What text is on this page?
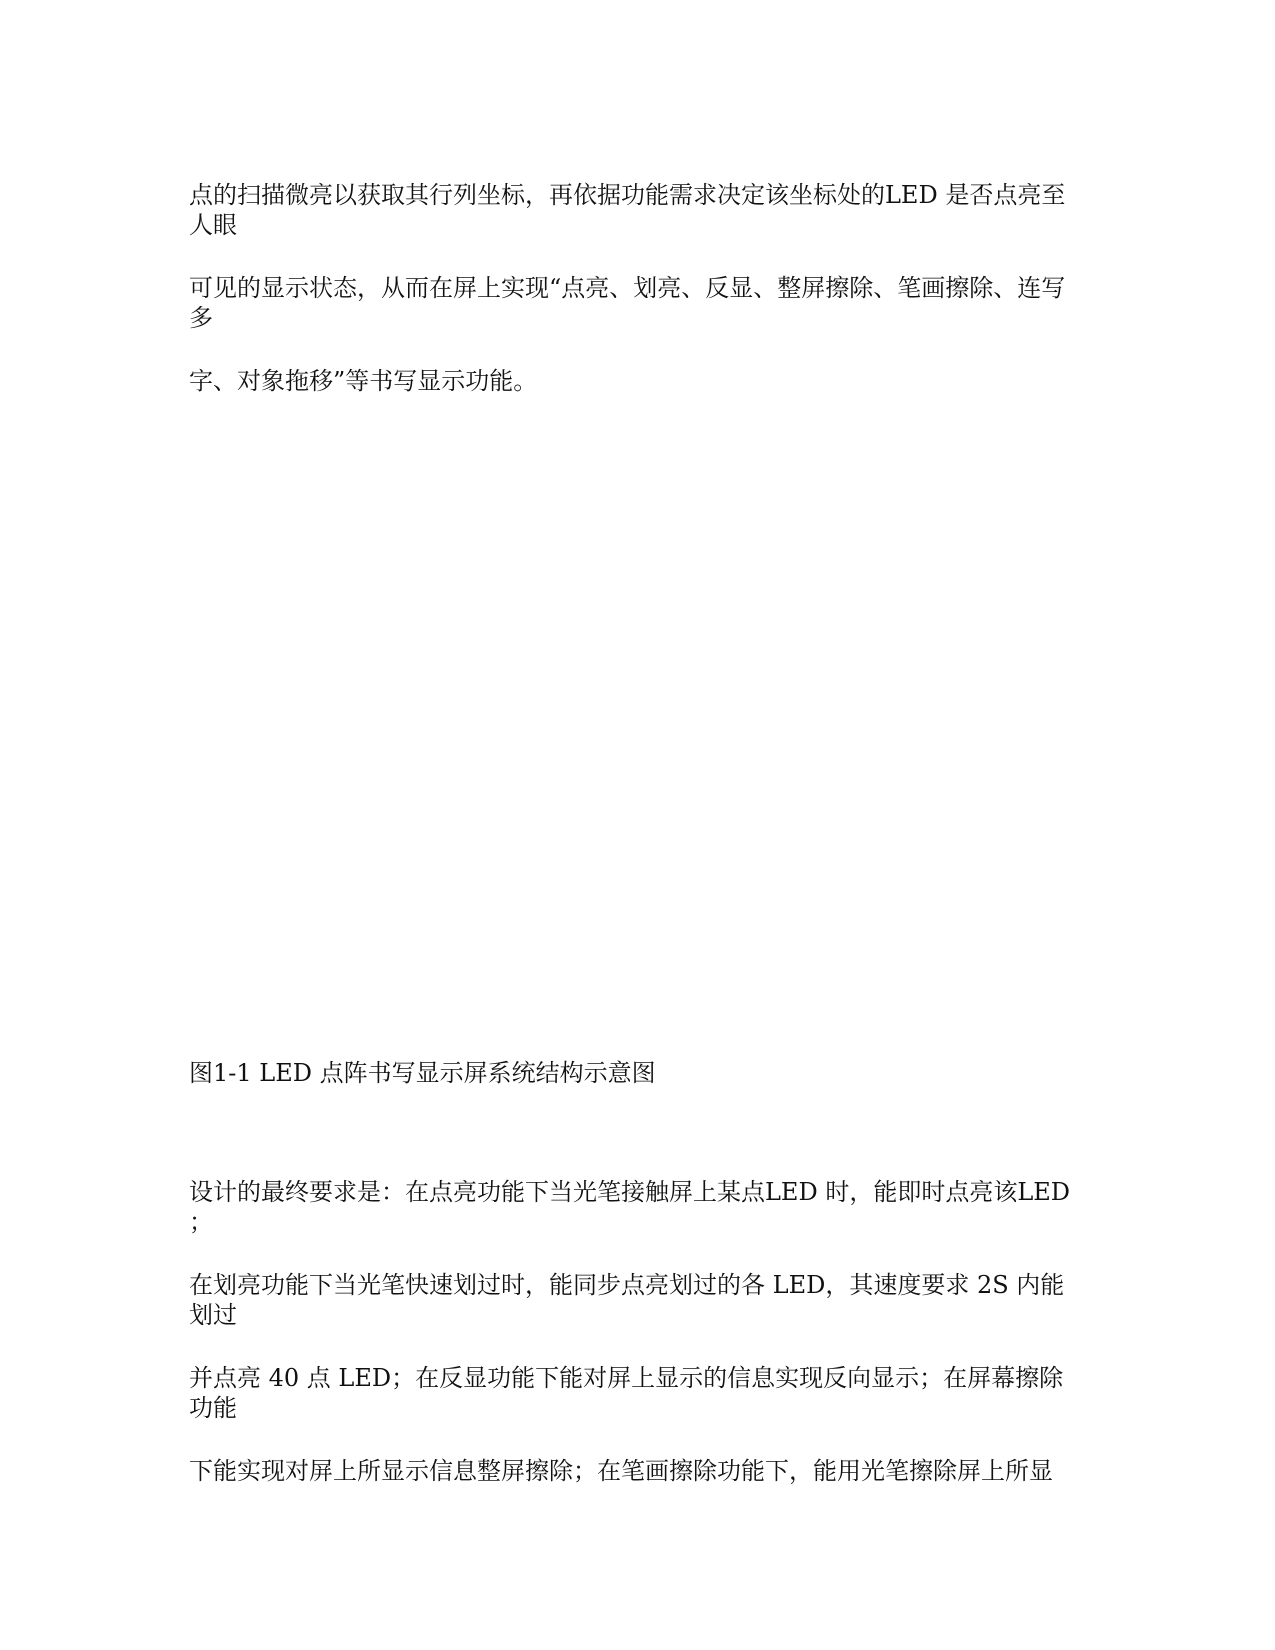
点的扫描微亮以获取其行列坐标，再依据功能需求决定该坐标处的LED 是否点亮至
人眼

可见的显示状态，从而在屏上实现“点亮、划亮、反显、整屏擦除、笔画擦除、连写
多

字、对象拖移”等书写显示功能。

图1-1 LED 点阵书写显示屏系统结构示意图

设计的最终要求是：在点亮功能下当光笔接触屏上某点LED 时，能即时点亮该LED
；

在划亮功能下当光笔快速划过时，能同步点亮划过的各 LED，其速度要求 2S 内能
划过

并点亮 40 点 LED；在反显功能下能对屏上显示的信息实现反向显示；在屏幕擦除
功能

下能实现对屏上所显示信息整屏擦除；在笔画擦除功能下，能用光笔擦除屏上所显
